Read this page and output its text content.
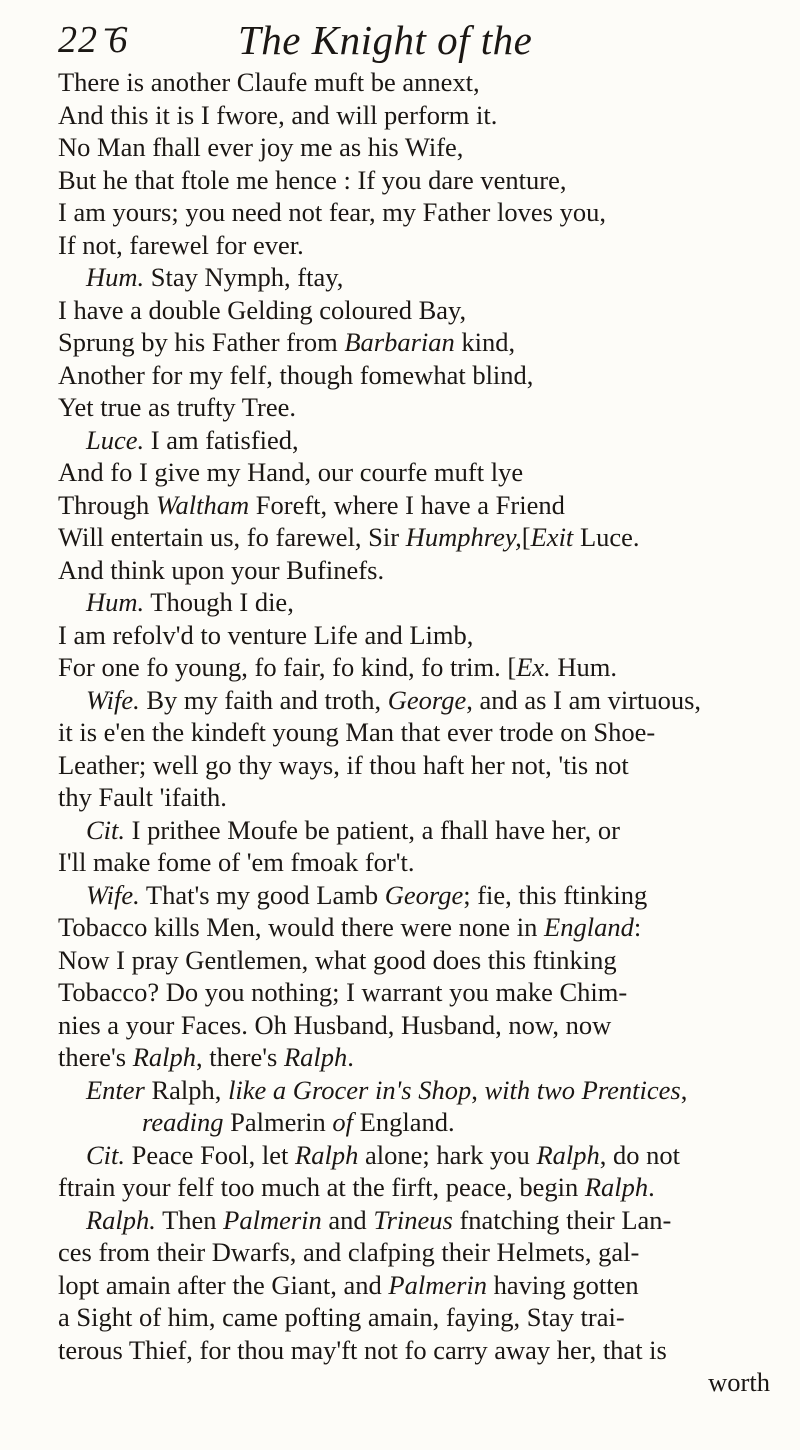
22 ̄6	The Knight of the
There is another Claufe muft be annext,
And this it is I fwore, and will perform it.
No Man fhall ever joy me as his Wife,
But he that ftole me hence : If you dare venture,
I am yours; you need not fear, my Father loves you,
If not, farewel for ever.
Hum. Stay Nymph, ftay,
I have a double Gelding coloured Bay,
Sprung by his Father from Barbarian kind,
Another for my felf, though fomewhat blind,
Yet true as trufty Tree.
Luce. I am fatisfied,
And fo I give my Hand, our courfe muft lye
Through Waltham Foreft, where I have a Friend
Will entertain us, fo farewel, Sir Humphrey,[Exit Luce.
And think upon your Bufinefs.
Hum. Though I die,
I am refolv'd to venture Life and Limb,
For one fo young, fo fair, fo kind, fo trim. [Ex. Hum.
Wife. By my faith and troth, George, and as I am virtuous,
it is e'en the kindeft young Man that ever trode on Shoe-
Leather; well go thy ways, if thou haft her not, 'tis not
thy Fault 'ifaith.
Cit. I prithee Moufe be patient, a fhall have her, or
I'll make fome of 'em fmoak for't.
Wife. That's my good Lamb George; fie, this ftinking
Tobacco kills Men, would there were none in England:
Now I pray Gentlemen, what good does this ftinking
Tobacco? Do you nothing; I warrant you make Chim-
nies a your Faces. Oh Husband, Husband, now, now
there's Ralph, there's Ralph.
Enter Ralph, like a Grocer in's Shop, with two Prentices,
reading Palmerin of England.
Cit. Peace Fool, let Ralph alone; hark you Ralph, do not
ftrain your felf too much at the firft, peace, begin Ralph.
Ralph. Then Palmerin and Trineus fnatching their Lan-
ces from their Dwarfs, and clafping their Helmets, gal-
lopt amain after the Giant, and Palmerin having gotten
a Sight of him, came pofting amain, faying, Stay trai-
terous Thief, for thou may'ft not fo carry away her, that is
worth
